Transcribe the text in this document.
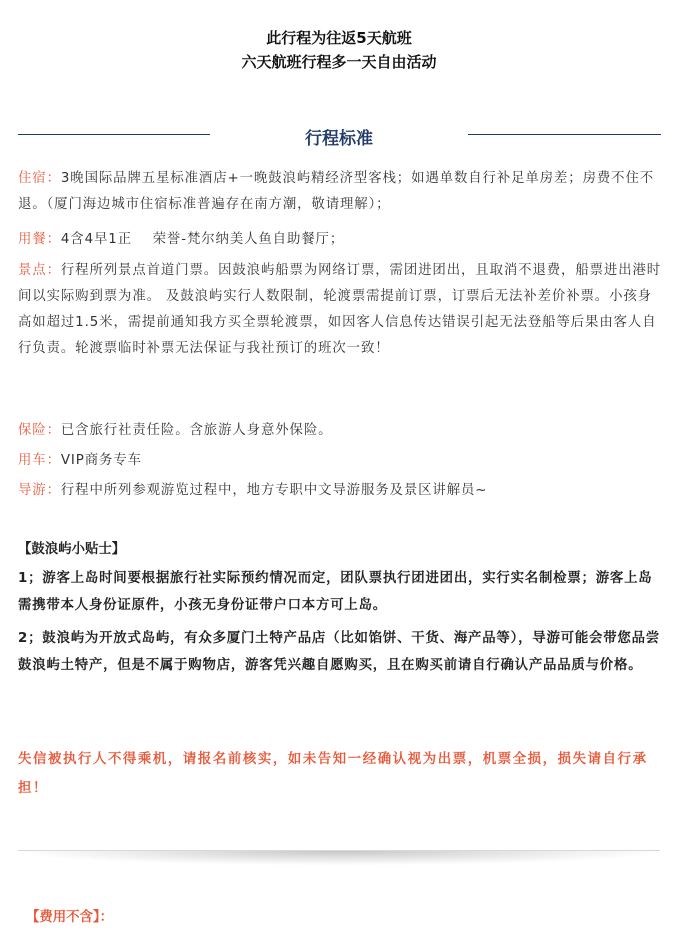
此行程为往返5天航班
六天航班行程多一天自由活动
行程标准
住宿：3晚国际品牌五星标准酒店+一晚鼓浪屿精经济型客栈；如遇单数自行补足单房差；房费不住不退。（厦门海边城市住宿标准普遍存在南方潮，敬请理解）；
用餐：4含4早1正    荣誉-梵尔纳美人鱼自助餐厅；
景点：行程所列景点首道门票。因鼓浪屿船票为网络订票，需团进团出，且取消不退费，船票进出港时间以实际购到票为准。 及鼓浪屿实行人数限制，轮渡票需提前订票，订票后无法补差价补票。小孩身高如超过1.5米，需提前通知我方买全票轮渡票，如因客人信息传达错误引起无法登船等后果由客人自行负责。轮渡票临时补票无法保证与我社预订的班次一致！
保险：已含旅行社责任险。含旅游人身意外保险。
用车：VIP商务专车
导游：行程中所列参观游览过程中，地方专职中文导游服务及景区讲解员~
【鼓浪屿小贴士】
1；游客上岛时间要根据旅行社实际预约情况而定，团队票执行团进团出，实行实名制检票；游客上岛需携带本人身份证原件，小孩无身份证带户口本方可上岛。
2；鼓浪屿为开放式岛屿，有众多厦门土特产品店（比如馅饼、干货、海产品等），导游可能会带您品尝鼓浪屿土特产，但是不属于购物店，游客凭兴趣自愿购买，且在购买前请自行确认产品品质与价格。
失信被执行人不得乘机，请报名前核实，如未告知一经确认视为出票，机票全损，损失请自行承担！
【费用不含】：
